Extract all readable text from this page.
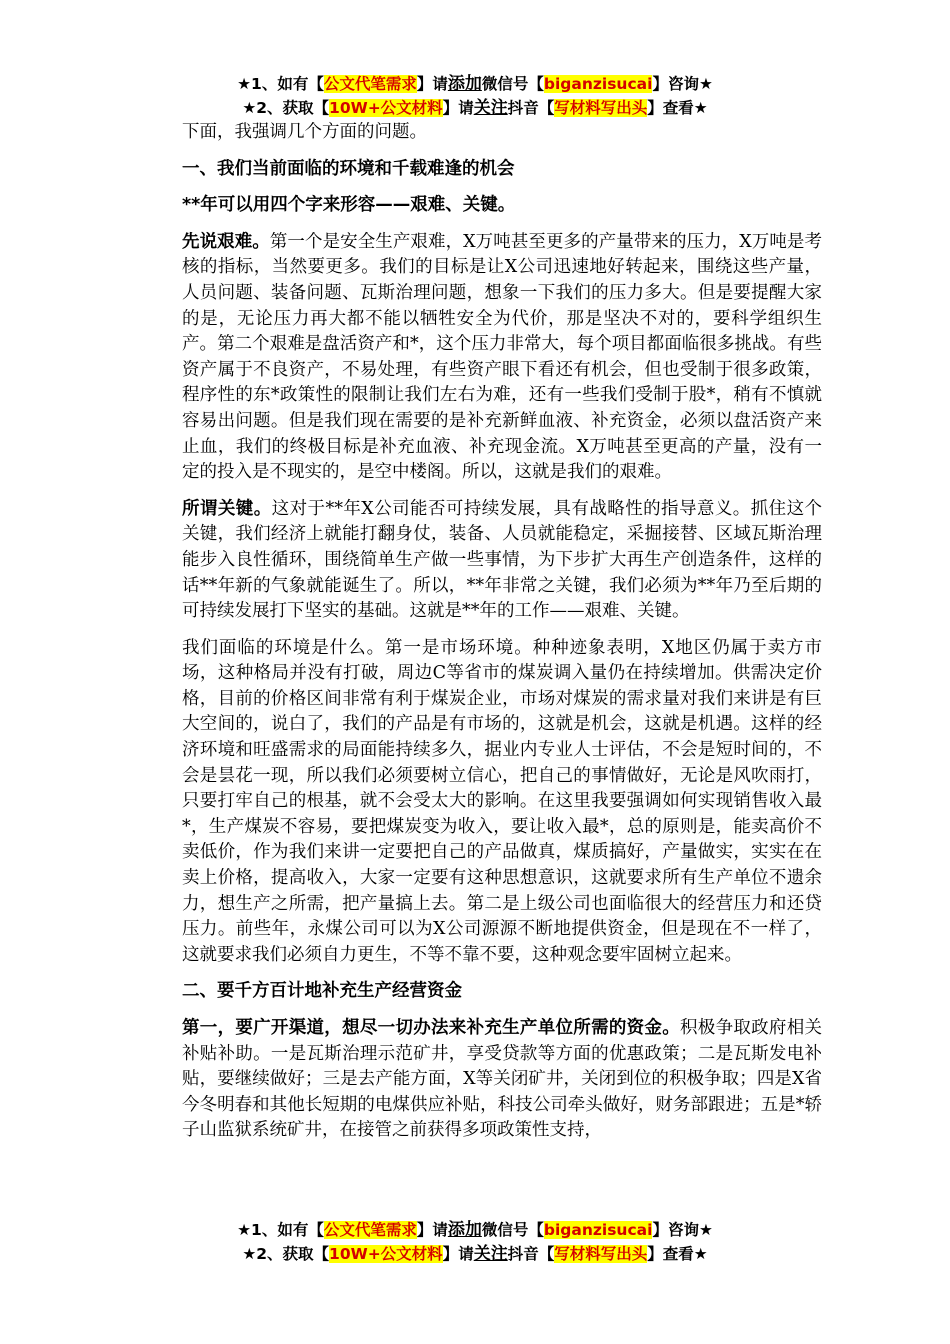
★1、如有【公文代笔需求】请添加微信号【biganzisucai】咨询★
★2、获取【10W+公文材料】请关注抖音【写材料写出头】查看★

下面，我强调几个方面的问题。

一、我们当前面临的环境和千载难逢的机会

**年可以用四个字来形容——艰难、关键。

先说艰难。第一个是安全生产艰难，X万吨甚至更多的产量带来的压力，X万吨是考核的指标，当然要更多。我们的目标是让X公司迅速地好转起来，围绕这些产量，人员问题、装备问题、瓦斯治理问题，想象一下我们的压力多大。但是要提醒大家的是，无论压力再大都不能以牺牲安全为代价，那是坚决不对的，要科学组织生产。第二个艰难是盘活资产和*，这个压力非常大，每个项目都面临很多挑战。有些资产属于不良资产，不易处理，有些资产眼下看还有机会，但也受制于很多政策，程序性的东*政策性的限制让我们左右为难，还有一些我们受制于股*，稍有不慎就容易出问题。但是我们现在需要的是补充新鲜血液、补充资金，必须以盘活资产来止血，我们的终极目标是补充血液、补充现金流。X万吨甚至更高的产量，没有一定的投入是不现实的，是空中楼阁。所以，这就是我们的艰难。

所谓关键。这对于**年X公司能否可持续发展，具有战略性的指导意义。抓住这个关键，我们经济上就能打翻身仗，装备、人员就能稳定，采掘接替、区域瓦斯治理能步入良性循环，围绕简单生产做一些事情，为下步扩大再生产创造条件，这样的话**年新的气象就能诞生了。所以，**年非常之关键，我们必须为**年乃至后期的可持续发展打下坚实的基础。这就是**年的工作——艰难、关键。

我们面临的环境是什么。第一是市场环境。种种迹象表明，X地区仍属于卖方市场，这种格局并没有打破，周边C等省市的煤炭调入量仍在持续增加。供需决定价格，目前的价格区间非常有利于煤炭企业，市场对煤炭的需求量对我们来讲是有巨大空间的，说白了，我们的产品是有市场的，这就是机会，这就是机遇。这样的经济环境和旺盛需求的局面能持续多久，据业内专业人士评估，不会是短时间的，不会是昙花一现，所以我们必须要树立信心，把自己的事情做好，无论是风吹雨打，只要打牢自己的根基，就不会受太大的影响。在这里我要强调如何实现销售收入最*，生产煤炭不容易，要把煤炭变为收入，要让收入最*，总的原则是，能卖高价不卖低价，作为我们来讲一定要把自己的产品做真，煤质搞好，产量做实，实实在在卖上价格，提高收入，大家一定要有这种思想意识，这就要求所有生产单位不遗余力，想生产之所需，把产量搞上去。第二是上级公司也面临很大的经营压力和还贷压力。前些年，永煤公司可以为X公司源源不断地提供资金，但是现在不一样了，这就要求我们必须自力更生，不等不靠不要，这种观念要牢固树立起来。

二、要千方百计地补充生产经营资金

第一，要广开渠道，想尽一切办法来补充生产单位所需的资金。积极争取政府相关补贴补助。一是瓦斯治理示范矿井，享受贷款等方面的优惠政策；二是瓦斯发电补贴，要继续做好；三是去产能方面，X等关闭矿井，关闭到位的积极争取；四是X省今冬明春和其他长短期的电煤供应补贴，科技公司牵头做好，财务部跟进；五是*轿子山监狱系统矿井，在接管之前获得多项政策性支持，

★1、如有【公文代笔需求】请添加微信号【biganzisucai】咨询★
★2、获取【10W+公文材料】请关注抖音【写材料写出头】查看★
